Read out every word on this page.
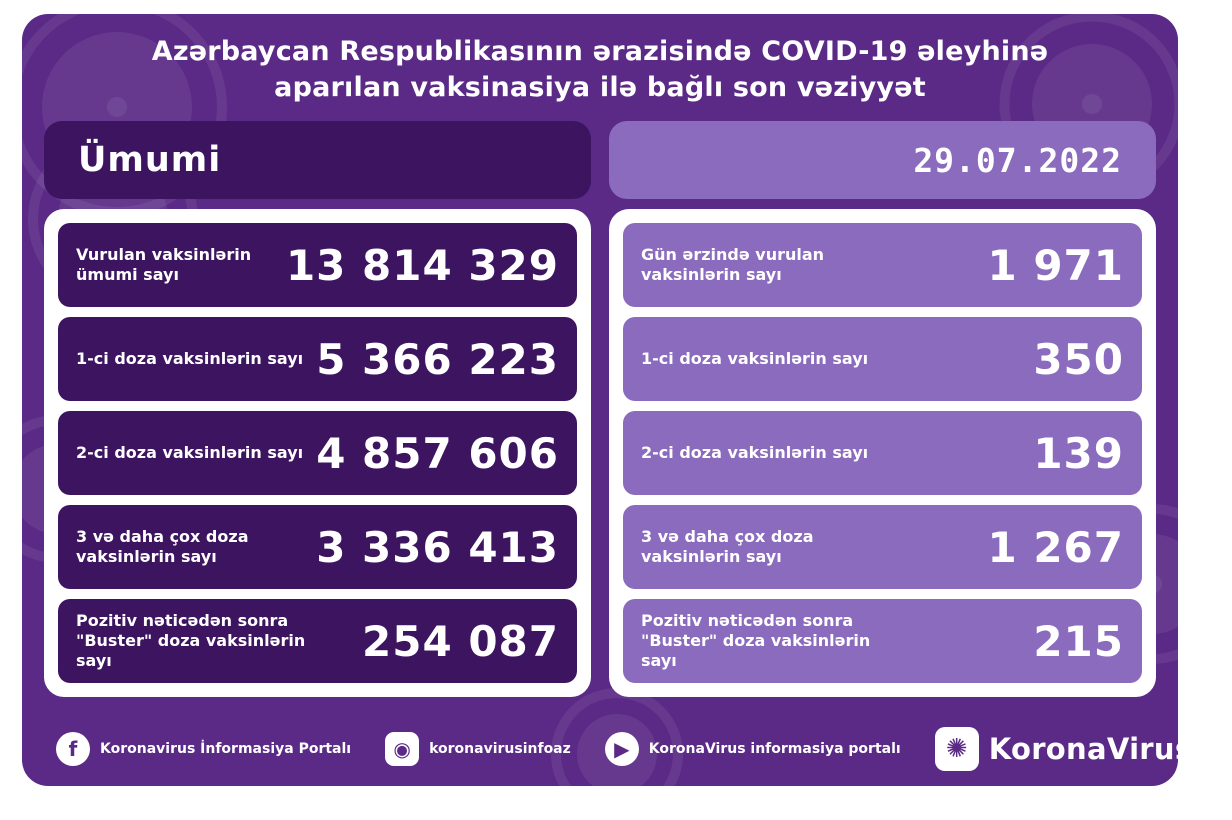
Azərbaycan Respublikasının ərazisində COVID-19 əleyhinə aparılan vaksinasiya ilə bağlı son vəziyyət
Ümumi
Vurulan vaksinlərin ümumi sayı	13 814 329
1-ci doza vaksinlərin sayı 5 366 223
2-ci doza vaksinlərin sayı 4 857 606
3 və daha çox doza vaksinlərin sayı	3 336 413
Pozitiv nəticədən sonra "Buster" doza vaksinlərin sayı	254 087
29.07.2022
Gün ərzində vurulan vaksinlərin sayı	1 971
1-ci doza vaksinlərin sayı	350
2-ci doza vaksinlərin sayı	139
3 və daha çox doza vaksinlərin sayı	1 267
Pozitiv nəticədən sonra "Buster" doza vaksinlərin sayı	215
f	Koronavirus İnformasiya Portalı	◉	koronavirusinfoaz	▶	KoronaVirus informasiya portalı	✺ KoronaVirus info
